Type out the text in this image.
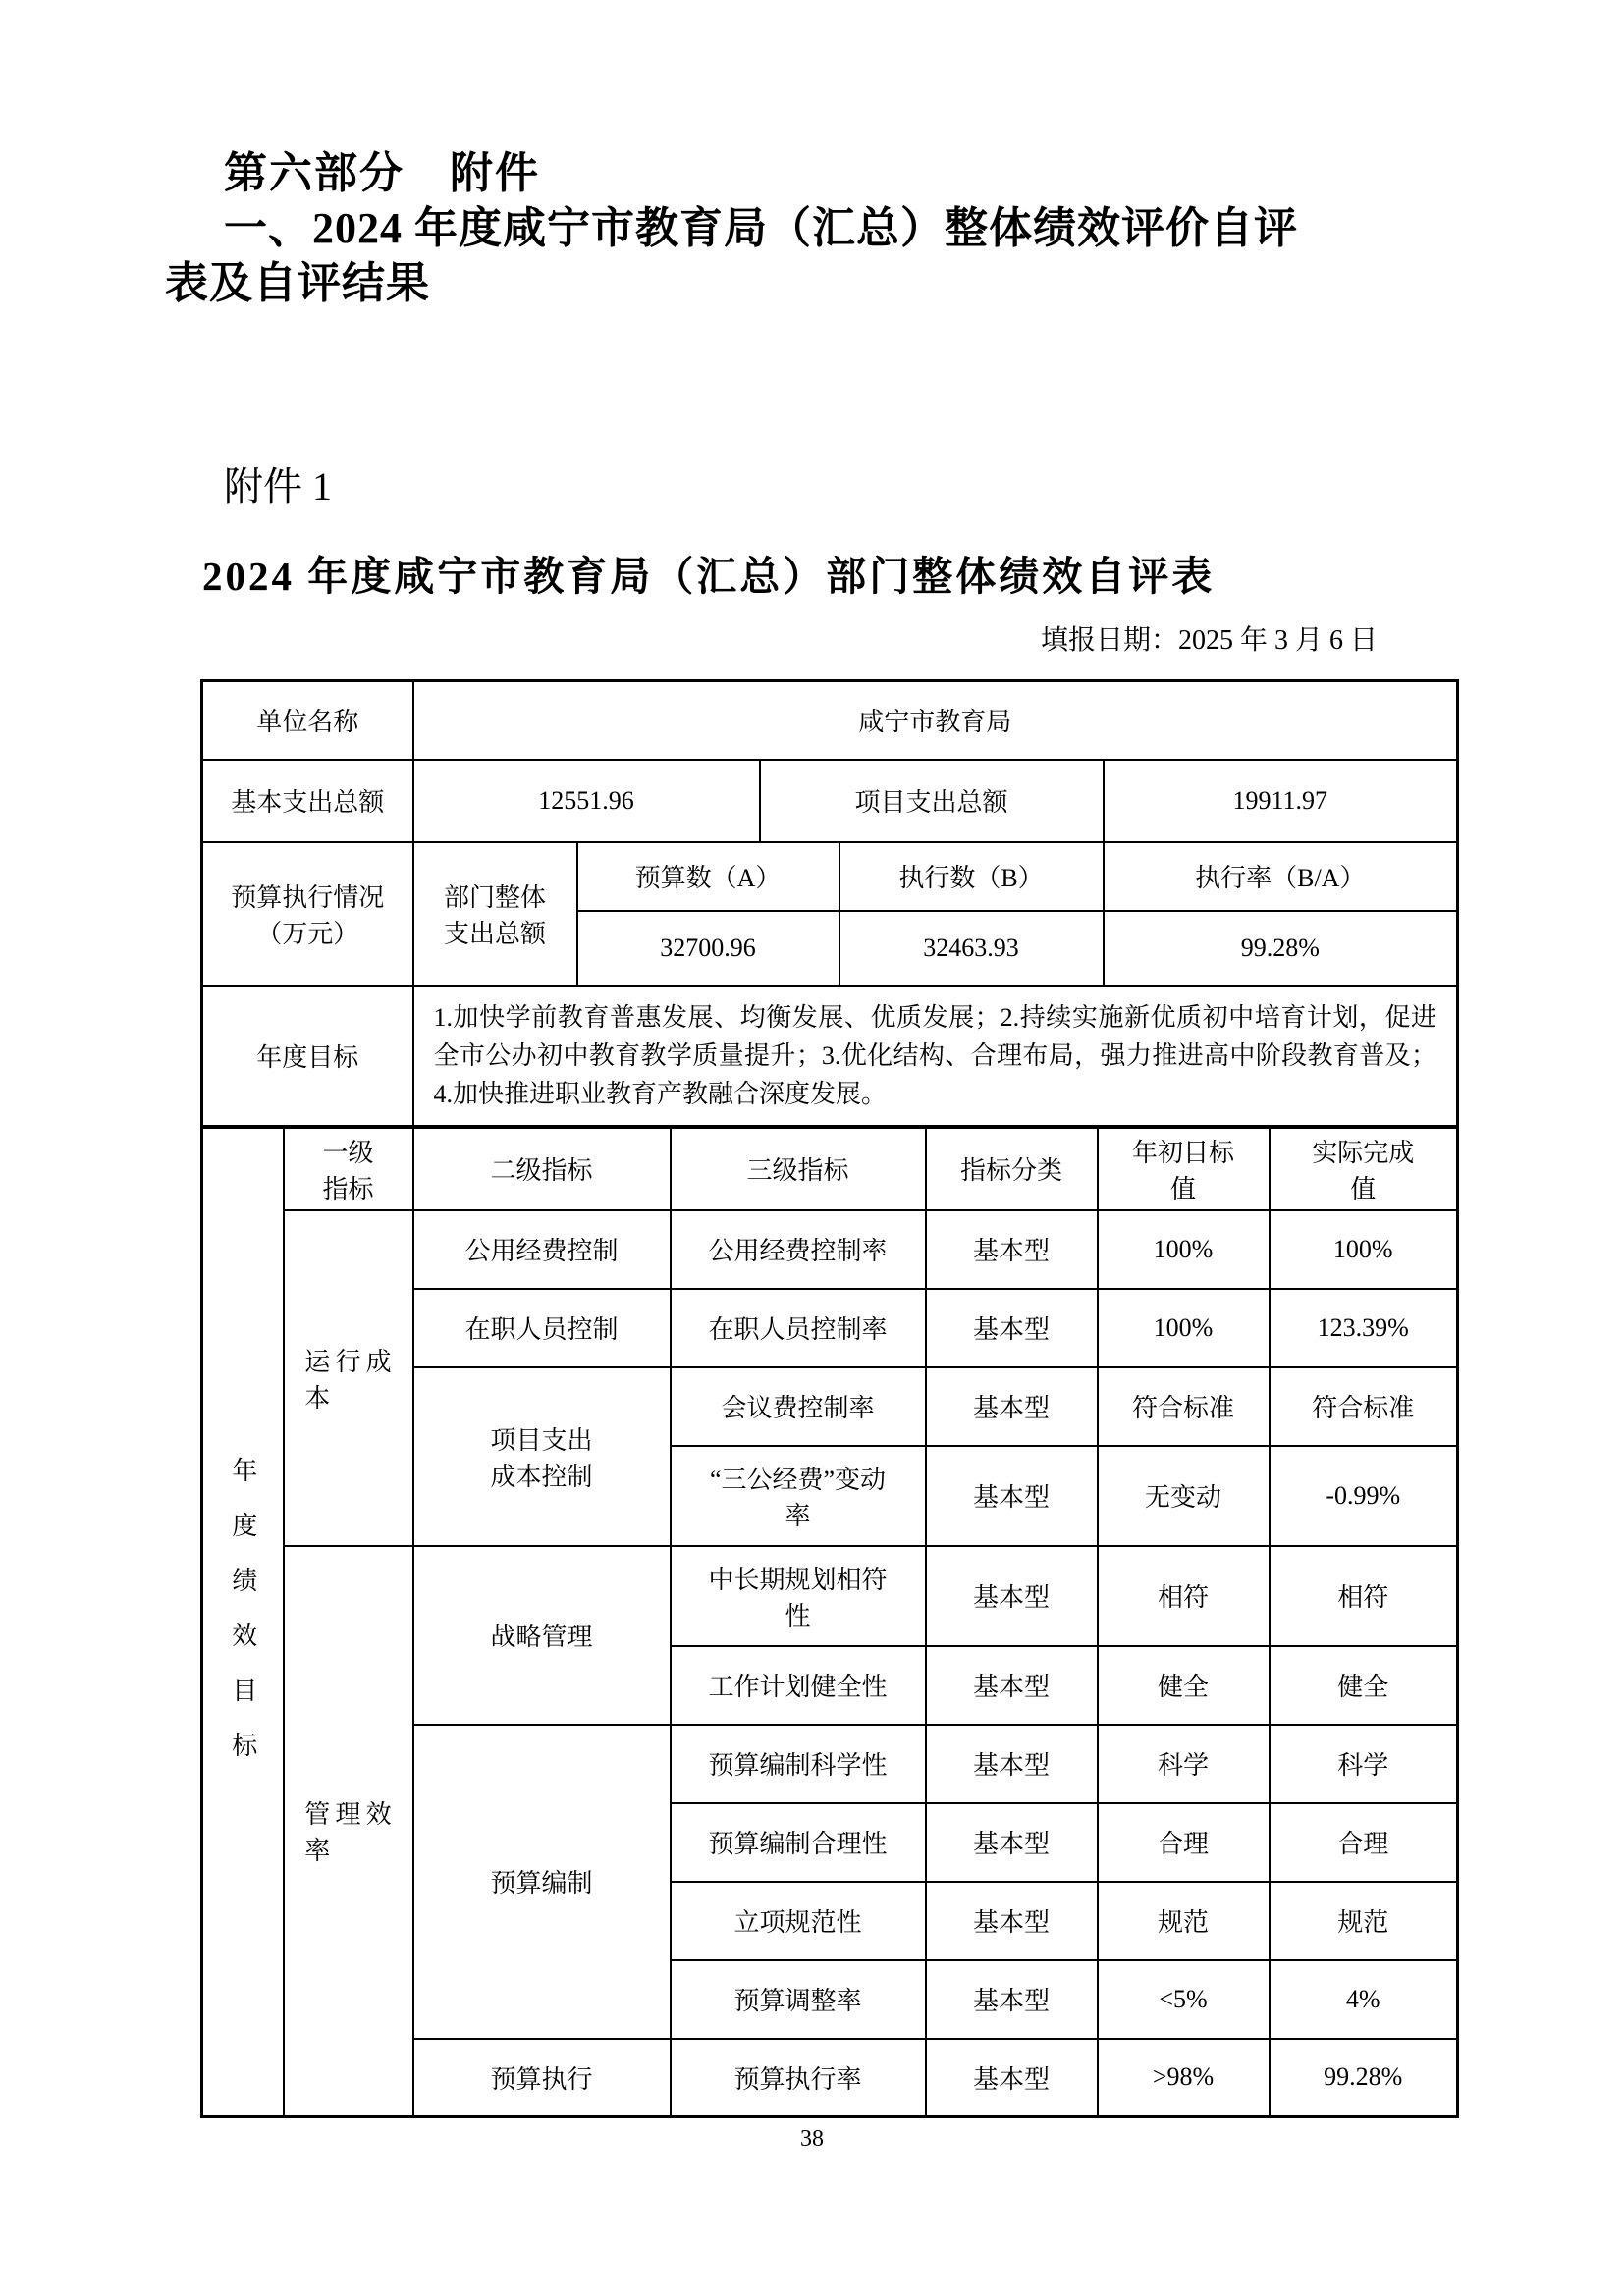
第六部分　附件
一、2024 年度咸宁市教育局（汇总）整体绩效评价自评
表及自评结果
附件 1
2024 年度咸宁市教育局（汇总）部门整体绩效自评表
填报日期：2025 年 3 月 6 日
单位名称	咸宁市教育局				
基本支出总额	12551.96		项目支出总额		19911.97

预算执行情况
（万元）	部门整体支出总额	预算数（A）		执行数（B）	执行率（B/A）
		32700.96		32463.93	99.28%
年度目标	1.加快学前教育普惠发展、均衡发展、优质发展；2.持续实施新优质初中培育计划，促进全市公办初中教育教学质量提升；3.优化结构、合理布局，强力推进高中阶段教育普及；4.加快推进职业教育产教融合深度发展。				
年度绩效目标	一级指标	二级指标	三级指标	指标分类	年初目标值	实际完成值

	运行成本	公用经费控制	公用经费控制率	基本型	100%	100%
		在职人员控制	在职人员控制率	基本型	100%	123.39%

		项目支出成本控制	会议费控制率	基本型	符合标准	符合标准

			“三公经费”变动率	基本型	无变动	-0.99%

	管理效率	战略管理	中长期规划相符性	基本型	相符	相符

			工作计划健全性	基本型	健全	健全
		预算编制	预算编制科学性	基本型	科学	科学

			预算编制合理性	基本型	合理	合理

			立项规范性	基本型	规范	规范

			预算调整率	基本型	<5%	4%
		预算执行	预算执行率	基本型	>98%	99.28%
38
